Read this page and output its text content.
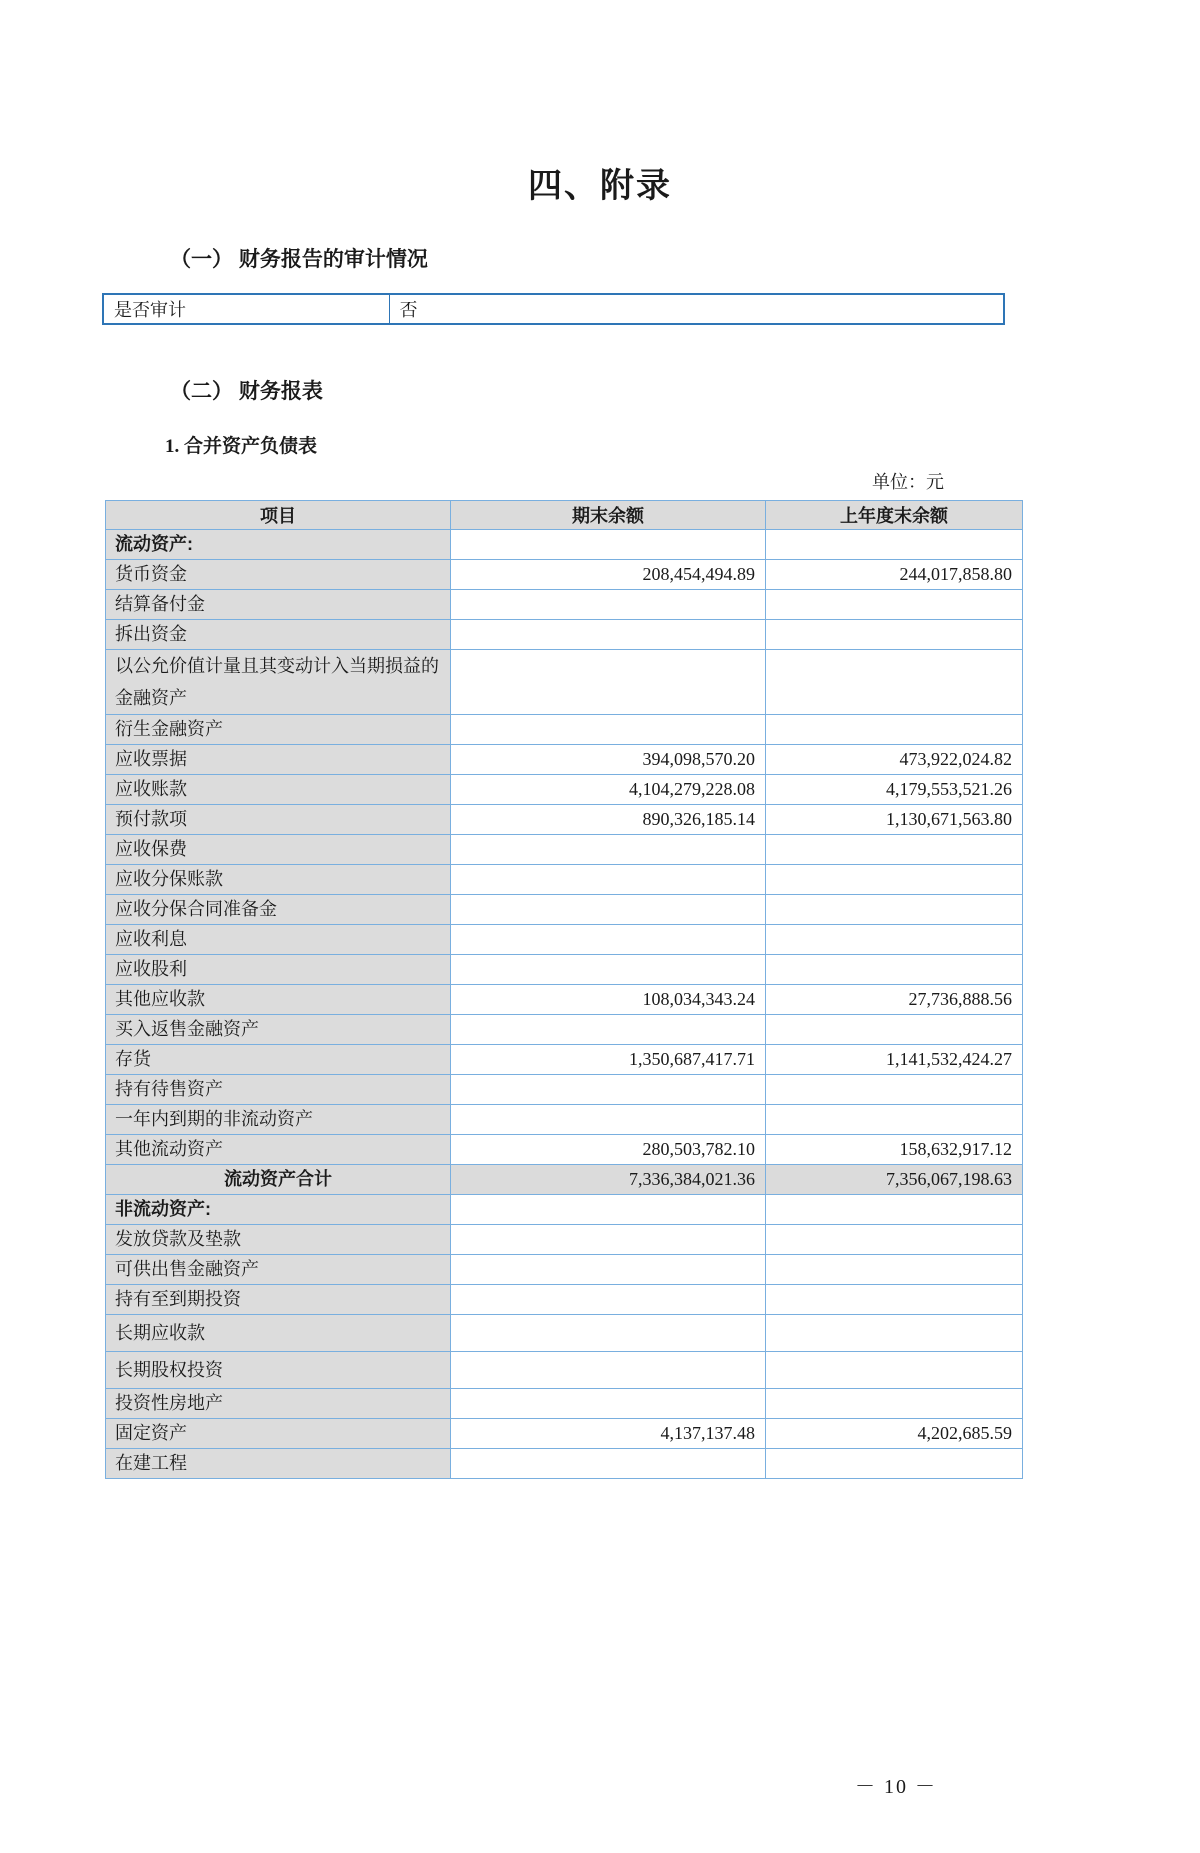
四、附录
（一） 财务报告的审计情况
是否审计	否
（二） 财务报表
1. 合并资产负债表
单位：元
项目	期末余额	上年度末余额
流动资产:		
货币资金	208,454,494.89	244,017,858.80
结算备付金		
拆出资金		
以公允价值计量且其变动计入当期损益的金融资产		
衍生金融资产		
应收票据	394,098,570.20	473,922,024.82
应收账款	4,104,279,228.08	4,179,553,521.26
预付款项	890,326,185.14	1,130,671,563.80
应收保费		
应收分保账款		
应收分保合同准备金		
应收利息		
应收股利		
其他应收款	108,034,343.24	27,736,888.56
买入返售金融资产		
存货	1,350,687,417.71	1,141,532,424.27
持有待售资产		
一年内到期的非流动资产		
其他流动资产	280,503,782.10	158,632,917.12
流动资产合计	7,336,384,021.36	7,356,067,198.63
非流动资产:		
发放贷款及垫款		
可供出售金融资产		
持有至到期投资		
长期应收款		
长期股权投资		
投资性房地产		
固定资产	4,137,137.48	4,202,685.59
在建工程		
－ 10 －
